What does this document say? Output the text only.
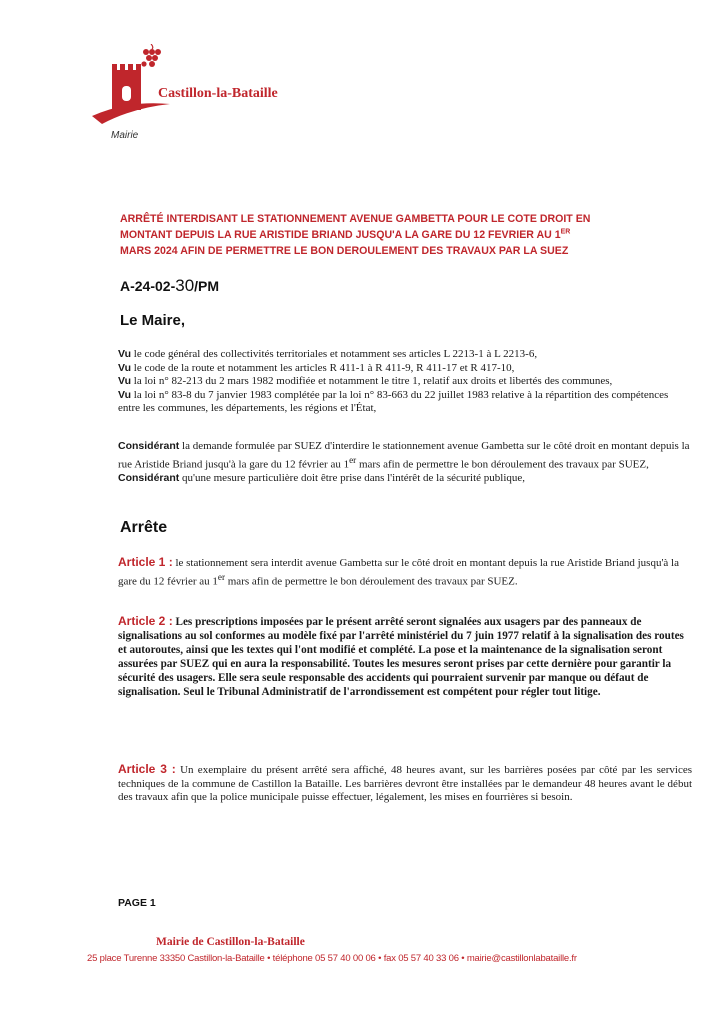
Castillon-la-Bataille
Mairie
ARRÊTÉ INTERDISANT LE STATIONNEMENT AVENUE GAMBETTA POUR LE COTE DROIT EN
MONTANT DEPUIS LA RUE ARISTIDE BRIAND JUSQU'A LA GARE DU 12 FEVRIER AU 1ER
MARS 2024 AFIN DE PERMETTRE LE BON DEROULEMENT DES TRAVAUX PAR LA SUEZ
A-24-02-30/PM
Le Maire,
Vu le code général des collectivités territoriales et notamment ses articles L 2213-1 à L 2213-6,
Vu le code de la route et notamment les articles R 411-1 à R 411-9, R 411-17 et R 417-10,
Vu la loi n° 82-213 du 2 mars 1982 modifiée et notamment le titre 1, relatif aux droits et libertés des communes,
Vu la loi n° 83-8 du 7 janvier 1983 complétée par la loi n° 83-663 du 22 juillet 1983 relative à la répartition des compétences entre les communes, les départements, les régions et l'État,
Considérant la demande formulée par SUEZ d'interdire le stationnement avenue Gambetta sur le côté droit en montant depuis la rue Aristide Briand jusqu'à la gare du 12 février au 1er mars afin de permettre le bon déroulement des travaux par SUEZ,
Considérant qu'une mesure particulière doit être prise dans l'intérêt de la sécurité publique,
Arrête
Article 1 : le stationnement sera interdit avenue Gambetta sur le côté droit en montant depuis la rue Aristide Briand jusqu'à la gare du 12 février au 1er mars afin de permettre le bon déroulement des travaux par SUEZ.
Article 2 : Les prescriptions imposées par le présent arrêté seront signalées aux usagers par des panneaux de signalisations au sol conformes au modèle fixé par l'arrêté ministériel du 7 juin 1977 relatif à la signalisation des routes et autoroutes, ainsi que les textes qui l'ont modifié et complété. La pose et la maintenance de la signalisation seront assurées par SUEZ qui en aura la responsabilité. Toutes les mesures seront prises par cette dernière pour garantir la sécurité des usagers. Elle sera seule responsable des accidents qui pourraient survenir par manque ou défaut de signalisation. Seul le Tribunal Administratif de l'arrondissement est compétent pour régler tout litige.
Article 3 : Un exemplaire du présent arrêté sera affiché, 48 heures avant, sur les barrières posées par côté par les services techniques de la commune de Castillon la Bataille. Les barrières devront être installées par le demandeur 48 heures avant le début des travaux afin que la police municipale puisse effectuer, légalement, les mises en fourrières si besoin.
PAGE 1
Mairie de Castillon-la-Bataille
25 place Turenne 33350 Castillon-la-Bataille • téléphone 05 57 40 00 06 • fax 05 57 40 33 06 • mairie@castillonlabataille.fr
